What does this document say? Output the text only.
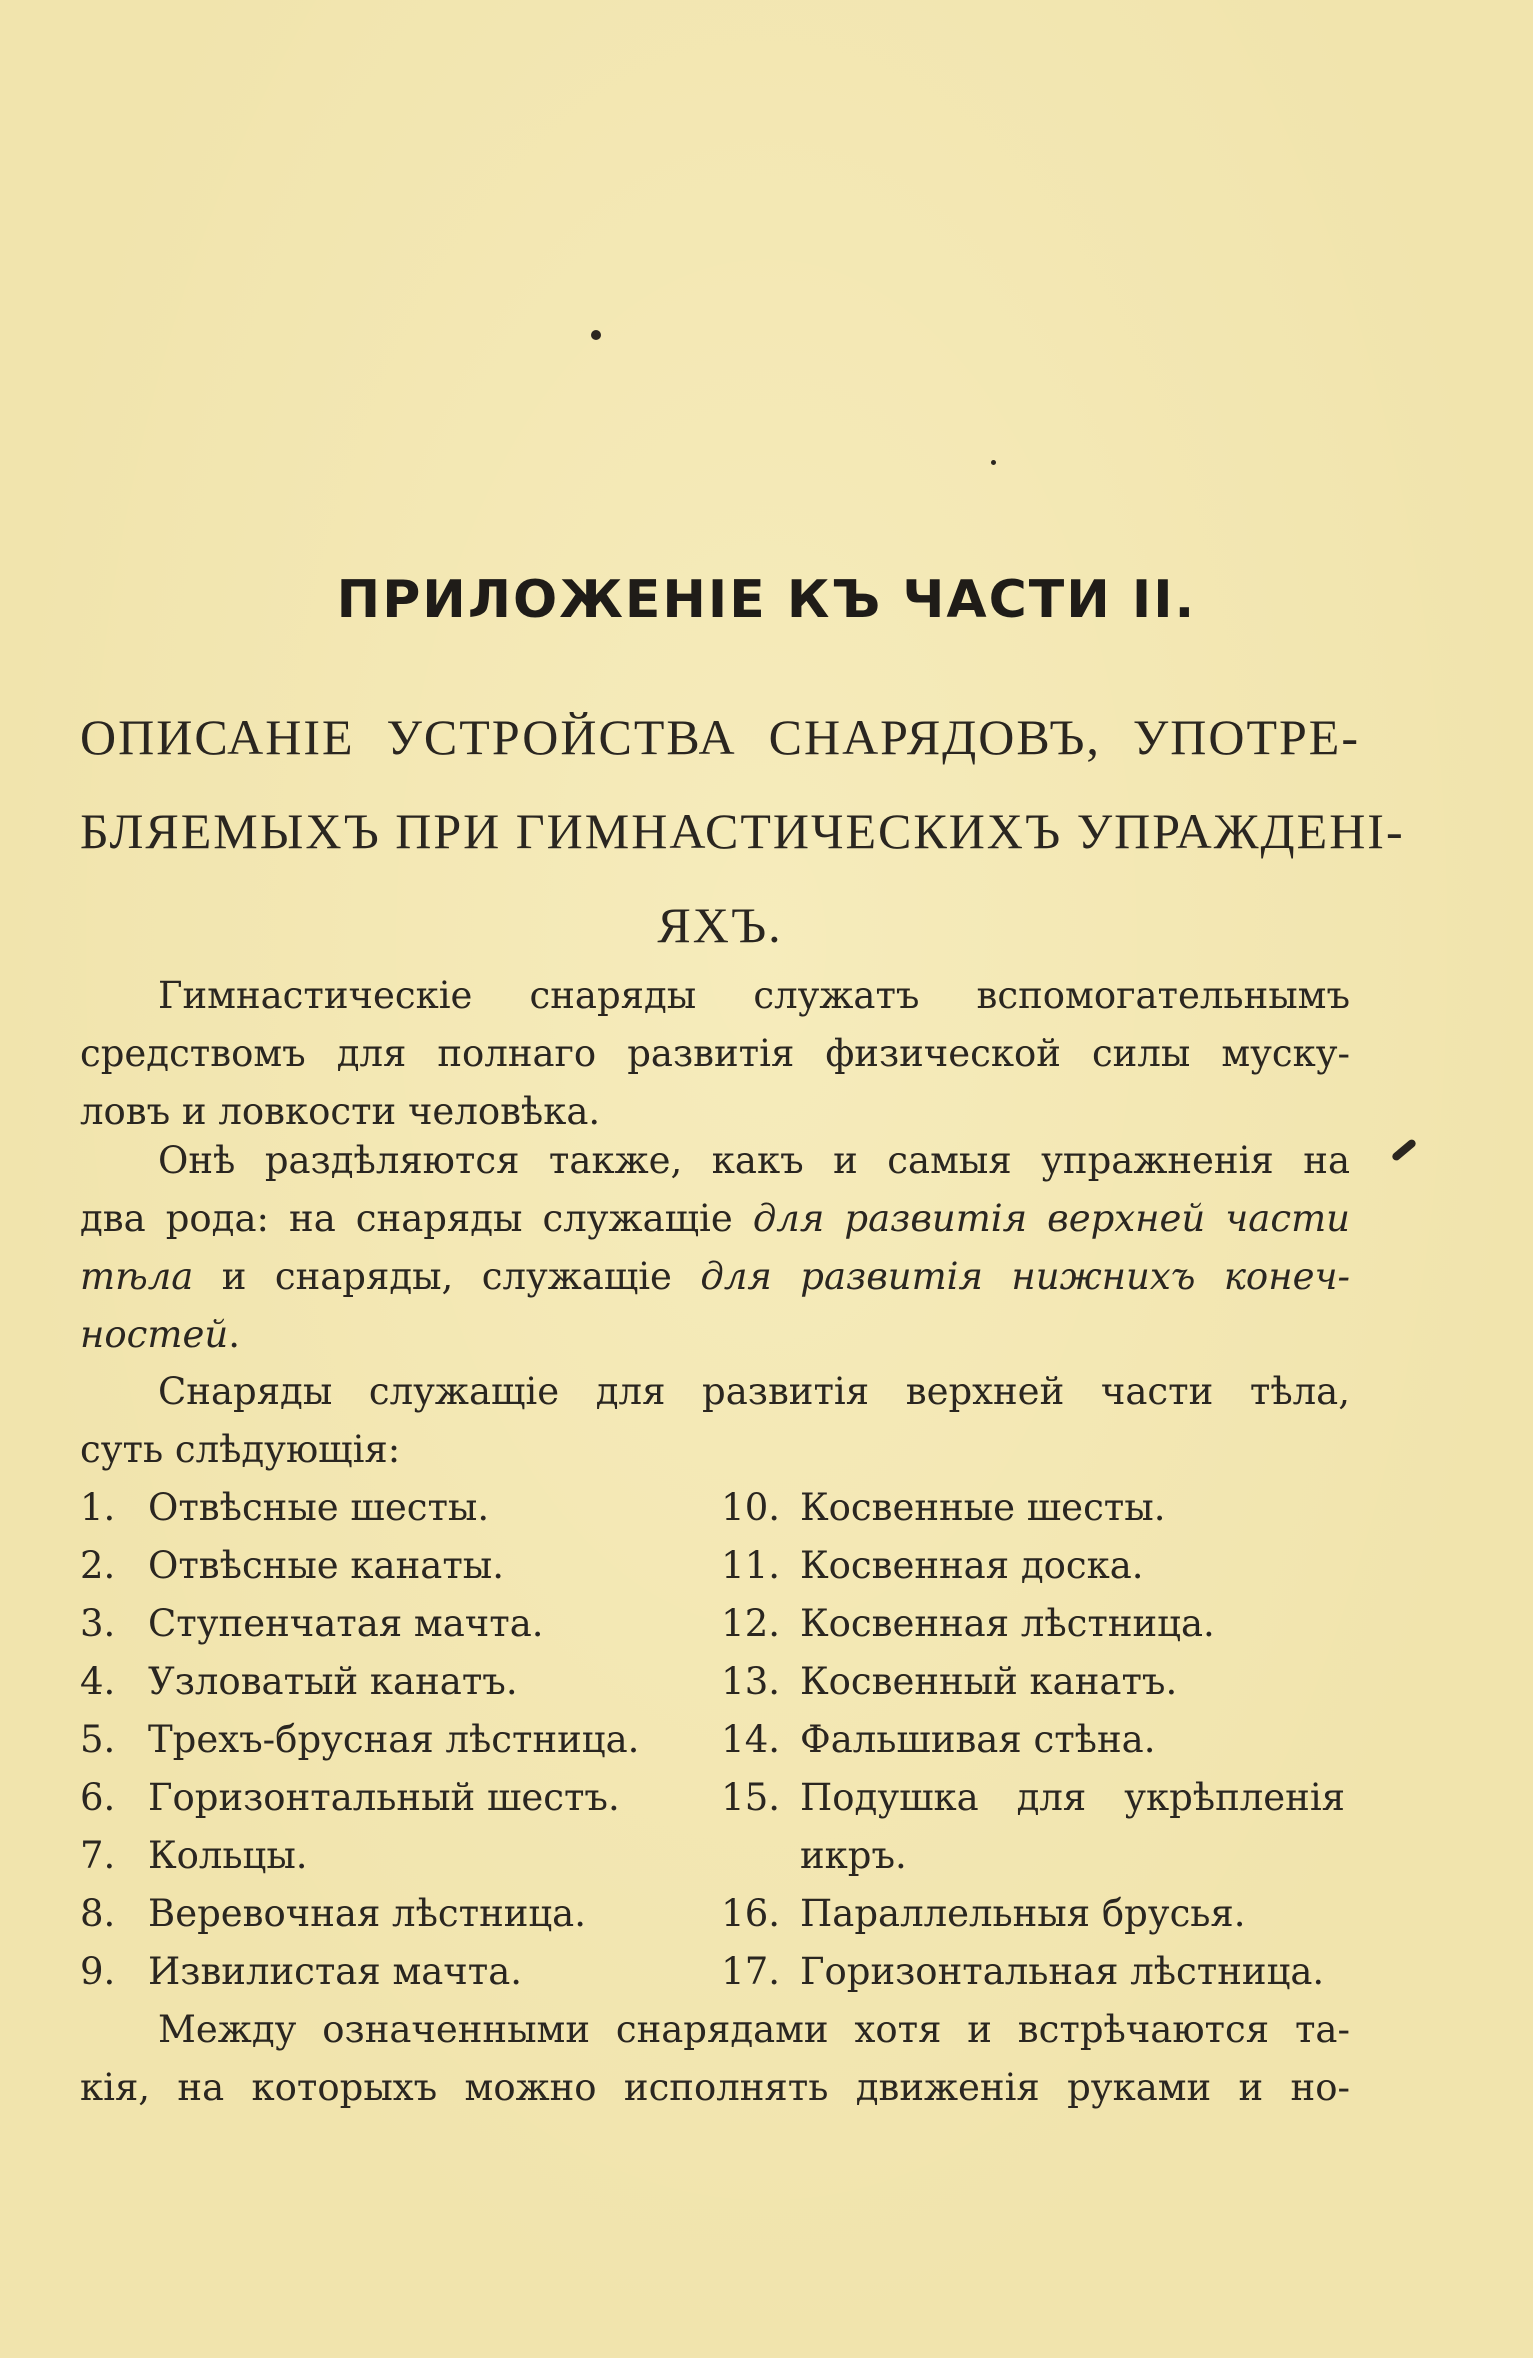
ПРИЛОЖЕНІЕ КЪ ЧАСТИ II.
ОПИСАНІЕ УСТРОЙСТВА СНАРЯДОВЪ, УПОТРЕ-
БЛЯЕМЫХЪ ПРИ ГИМНАСТИЧЕСКИХЪ УПРАЖДЕНІ-
ЯХЪ.
Гимнастическіе снаряды служатъ вспомогательнымъ
средствомъ для полнаго развитія физической силы муску-
ловъ и ловкости человѣка.
Онѣ раздѣляются также, какъ и самыя упражненія на
два рода: на снаряды служащіе для развитія верхней части
тѣла и снаряды, служащіе для развитія нижнихъ конеч-
ностей.
Снаряды служащіе для развитія верхней части тѣла,
суть слѣдующія:
1. Отвѣсные шесты.	10. Косвенные шесты.
2. Отвѣсные канаты.	11. Косвенная доска.
3. Ступенчатая мачта.	12. Косвенная лѣстница.
4. Узловатый канатъ.	13. Косвенный канатъ.
5. Трехъ-брусная лѣстница.	14. Фальшивая стѣна.
6. Горизонтальный шестъ.	15. Подушка для укрѣпленія
7. Кольцы.	икръ.
8. Веревочная лѣстница.	16. Параллельныя брусья.
9. Извилистая мачта.	17. Горизонтальная лѣстница.
Между означенными снарядами хотя и встрѣчаются та-
кія, на которыхъ можно исполнять движенія руками и но-
